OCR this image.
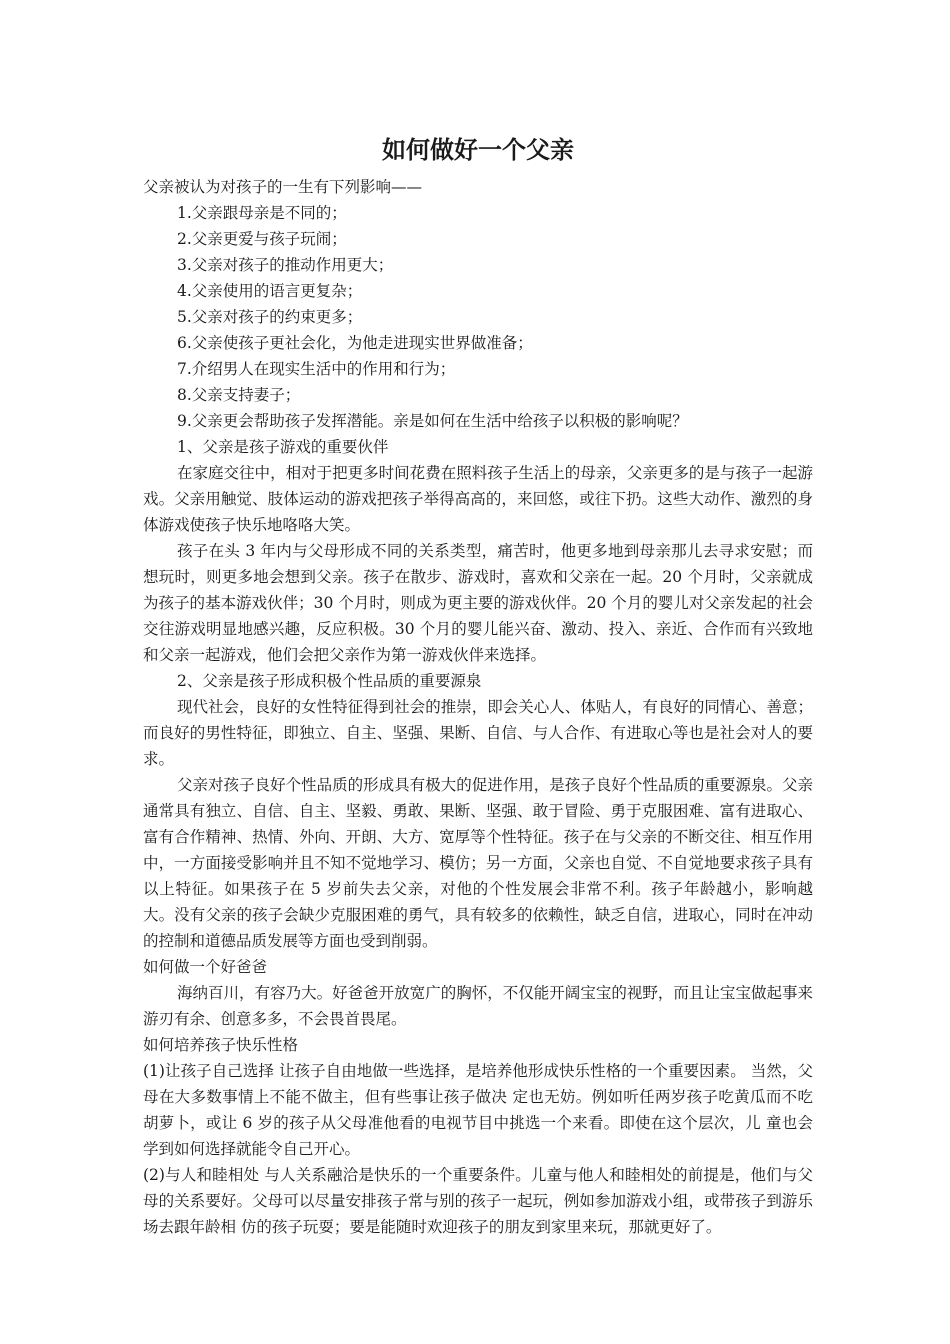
如何做好一个父亲

父亲被认为对孩子的一生有下列影响——

1.父亲跟母亲是不同的；

2.父亲更爱与孩子玩闹；

3.父亲对孩子的推动作用更大；

4.父亲使用的语言更复杂；

5.父亲对孩子的约束更多；

6.父亲使孩子更社会化，为他走进现实世界做准备；

7.介绍男人在现实生活中的作用和行为；

8.父亲支持妻子；

9.父亲更会帮助孩子发挥潜能。亲是如何在生活中给孩子以积极的影响呢？

1、父亲是孩子游戏的重要伙伴

在家庭交往中，相对于把更多时间花费在照料孩子生活上的母亲，父亲更多的是与孩子一起游戏。父亲用触觉、肢体运动的游戏把孩子举得高高的，来回悠，或往下扔。这些大动作、激烈的身体游戏使孩子快乐地咯咯大笑。

孩子在头 3 年内与父母形成不同的关系类型，痛苦时，他更多地到母亲那儿去寻求安慰；而想玩时，则更多地会想到父亲。孩子在散步、游戏时，喜欢和父亲在一起。20 个月时，父亲就成为孩子的基本游戏伙伴；30 个月时，则成为更主要的游戏伙伴。20 个月的婴儿对父亲发起的社会交往游戏明显地感兴趣，反应积极。30 个月的婴儿能兴奋、激动、投入、亲近、合作而有兴致地和父亲一起游戏，他们会把父亲作为第一游戏伙伴来选择。

2、父亲是孩子形成积极个性品质的重要源泉

现代社会，良好的女性特征得到社会的推崇，即会关心人、体贴人，有良好的同情心、善意；而良好的男性特征，即独立、自主、坚强、果断、自信、与人合作、有进取心等也是社会对人的要求。

父亲对孩子良好个性品质的形成具有极大的促进作用，是孩子良好个性品质的重要源泉。父亲通常具有独立、自信、自主、坚毅、勇敢、果断、坚强、敢于冒险、勇于克服困难、富有进取心、富有合作精神、热情、外向、开朗、大方、宽厚等个性特征。孩子在与父亲的不断交往、相互作用中，一方面接受影响并且不知不觉地学习、模仿；另一方面，父亲也自觉、不自觉地要求孩子具有以上特征。如果孩子在 5 岁前失去父亲，对他的个性发展会非常不利。孩子年龄越小，影响越大。没有父亲的孩子会缺少克服困难的勇气，具有较多的依赖性，缺乏自信，进取心，同时在冲动的控制和道德品质发展等方面也受到削弱。

如何做一个好爸爸

海纳百川，有容乃大。好爸爸开放宽广的胸怀，不仅能开阔宝宝的视野，而且让宝宝做起事来游刃有余、创意多多，不会畏首畏尾。

如何培养孩子快乐性格

(1)让孩子自己选择 让孩子自由地做一些选择，是培养他形成快乐性格的一个重要因素。 当然，父母在大多数事情上不能不做主，但有些事让孩子做决 定也无妨。例如听任两岁孩子吃黄瓜而不吃胡萝卜，或让 6 岁的孩子从父母准他看的电视节目中挑选一个来看。即使在这个层次，儿 童也会学到如何选择就能令自己开心。

(2)与人和睦相处 与人关系融洽是快乐的一个重要条件。儿童与他人和睦相处的前提是，他们与父母的关系要好。父母可以尽量安排孩子常与别的孩子一起玩，例如参加游戏小组，或带孩子到游乐场去跟年龄相 仿的孩子玩耍；要是能随时欢迎孩子的朋友到家里来玩，那就更好了。
